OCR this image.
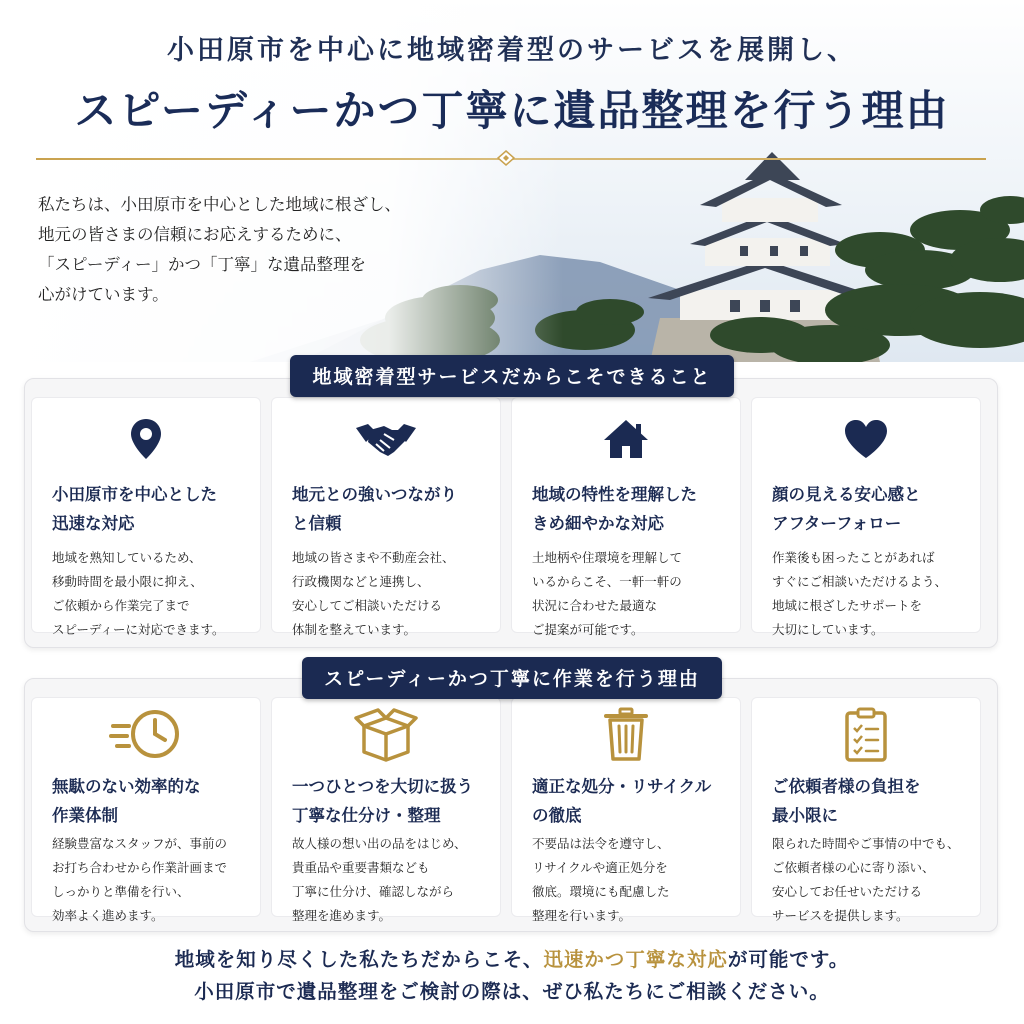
小田原市を中心に地域密着型のサービスを展開し、
スピーディーかつ丁寧に遺品整理を行う理由
私たちは、小田原市を中心とした地域に根ざし、
地元の皆さまの信頼にお応えするために、
「スピーディー」かつ「丁寧」な遺品整理を
心がけています。
地域密着型サービスだからこそできること
小田原市を中心とした
迅速な対応
地域を熟知しているため、
移動時間を最小限に抑え、
ご依頼から作業完了まで
スピーディーに対応できます。
地元との強いつながり
と信頼
地域の皆さまや不動産会社、
行政機関などと連携し、
安心してご相談いただける
体制を整えています。
地域の特性を理解した
きめ細やかな対応
土地柄や住環境を理解して
いるからこそ、一軒一軒の
状況に合わせた最適な
ご提案が可能です。
顔の見える安心感と
アフターフォロー
作業後も困ったことがあれば
すぐにご相談いただけるよう、
地域に根ざしたサポートを
大切にしています。
スピーディーかつ丁寧に作業を行う理由
無駄のない効率的な
作業体制
経験豊富なスタッフが、事前の
お打ち合わせから作業計画まで
しっかりと準備を行い、
効率よく進めます。
一つひとつを大切に扱う
丁寧な仕分け・整理
故人様の想い出の品をはじめ、
貴重品や重要書類なども
丁寧に仕分け、確認しながら
整理を進めます。
適正な処分・リサイクル
の徹底
不要品は法令を遵守し、
リサイクルや適正処分を
徹底。環境にも配慮した
整理を行います。
ご依頼者様の負担を
最小限に
限られた時間やご事情の中でも、
ご依頼者様の心に寄り添い、
安心してお任せいただける
サービスを提供します。
地域を知り尽くした私たちだからこそ、迅速かつ丁寧な対応が可能です。
小田原市で遺品整理をご検討の際は、ぜひ私たちにご相談ください。
